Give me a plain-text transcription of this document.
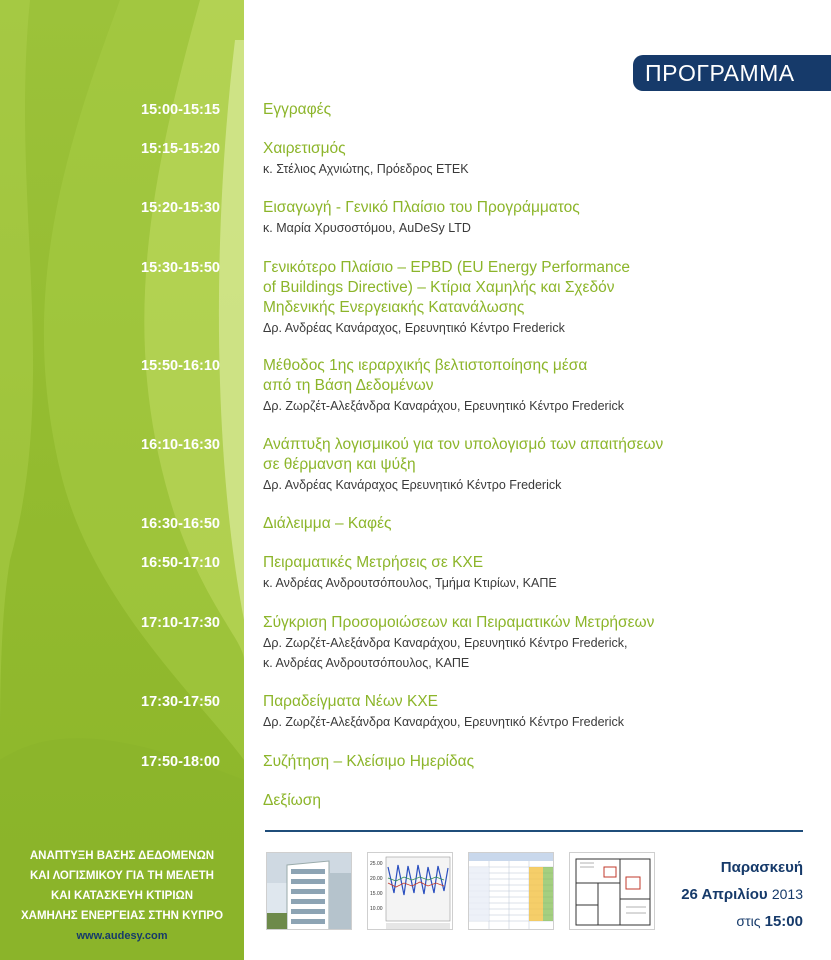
ΠΡΟΓΡΑΜΜΑ
15:00-15:15	Εγγραφές
15:15-15:20	Χαιρετισμός
κ. Στέλιος Αχνιώτης, Πρόεδρος ΕΤΕΚ
15:20-15:30	Εισαγωγή - Γενικό Πλαίσιο του Προγράμματος
κ. Μαρία Χρυσοστόμου, AuDeSy LTD
15:30-15:50	Γενικότερο Πλαίσιο – EPBD (EU Energy Performance
of Buildings Directive) – Κτίρια Χαμηλής και Σχεδόν
Μηδενικής Ενεργειακής Κατανάλωσης
Δρ. Ανδρέας Κανάραχος, Ερευνητικό Κέντρο Frederick
15:50-16:10	Μέθοδος 1ης ιεραρχικής βελτιστοποίησης μέσα
από τη Βάση Δεδομένων
Δρ. Ζωρζέτ-Αλεξάνδρα Καναράχου, Ερευνητικό Κέντρο Frederick
16:10-16:30	Ανάπτυξη λογισμικού για τον υπολογισμό των απαιτήσεων
σε θέρμανση και ψύξη
Δρ. Ανδρέας Κανάραχος Ερευνητικό Κέντρο Frederick
16:30-16:50	Διάλειμμα – Καφές
16:50-17:10	Πειραματικές Μετρήσεις σε ΚΧΕ
κ. Ανδρέας Ανδρουτσόπουλος, Τμήμα Κτιρίων, ΚΑΠΕ
17:10-17:30	Σύγκριση Προσομοιώσεων και Πειραματικών Μετρήσεων
Δρ. Ζωρζέτ-Αλεξάνδρα Καναράχου, Ερευνητικό Κέντρο Frederick,
κ. Ανδρέας Ανδρουτσόπουλος, ΚΑΠΕ
17:30-17:50	Παραδείγματα Νέων ΚΧΕ
Δρ. Ζωρζέτ-Αλεξάνδρα Καναράχου, Ερευνητικό Κέντρο Frederick
17:50-18:00	Συζήτηση – Κλείσιμο Ημερίδας
Δεξίωση
ΑΝΑΠΤΥΞΗ ΒΑΣΗΣ ΔΕΔΟΜΕΝΩΝ
ΚΑΙ ΛΟΓΙΣΜΙΚΟΥ ΓΙΑ ΤΗ ΜΕΛΕΤΗ
ΚΑΙ ΚΑΤΑΣΚΕΥΗ ΚΤΙΡΙΩΝ
ΧΑΜΗΛΗΣ ΕΝΕΡΓΕΙΑΣ ΣΤΗΝ ΚΥΠΡΟ
www.audesy.com
25.00
20.00
15.00
10.00
Παρασκευή
26 Απριλίου 2013
στις 15:00
